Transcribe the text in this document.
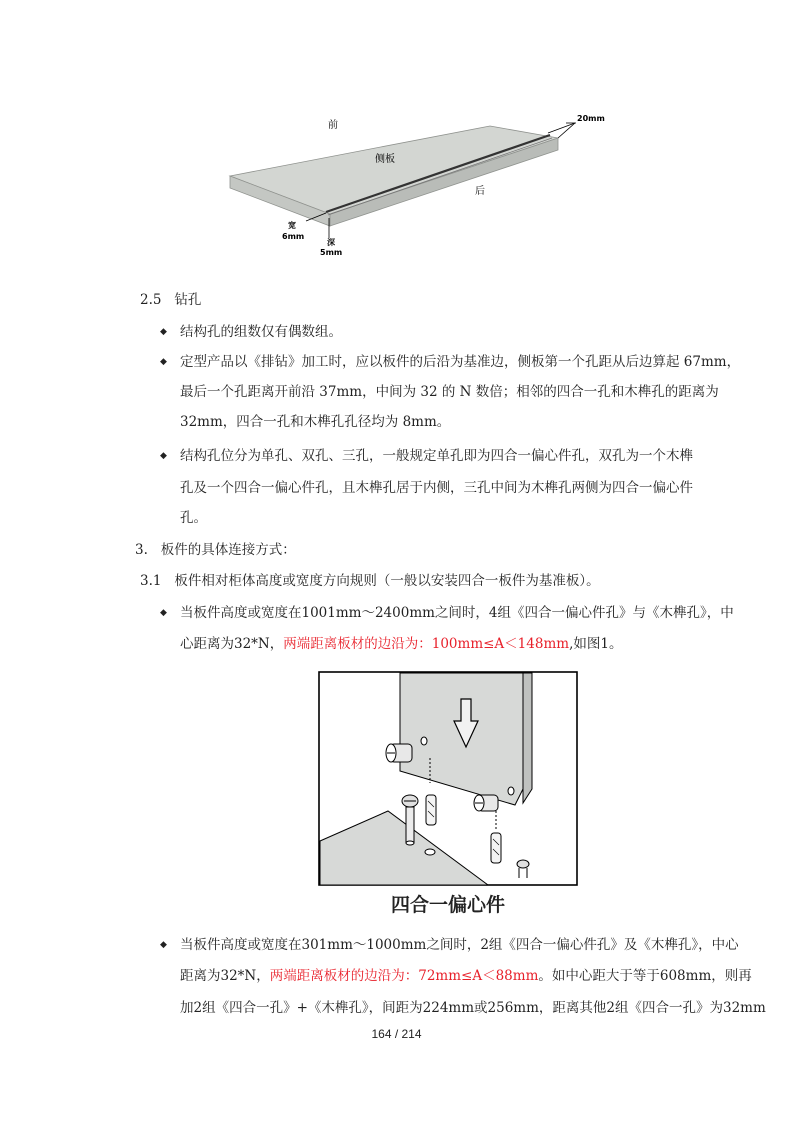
前
侧板
后
20mm
宽
6mm
深
5mm
2.5 钻孔
◆ 结构孔的组数仅有偶数组。
◆ 定型产品以《排钻》加工时，应以板件的后沿为基准边，侧板第一个孔距从后边算起 67mm，
最后一个孔距离开前沿 37mm，中间为 32 的 N 数倍；相邻的四合一孔和木榫孔的距离为
32mm，四合一孔和木榫孔孔径均为 8mm。
◆ 结构孔位分为单孔、双孔、三孔，一般规定单孔即为四合一偏心件孔，双孔为一个木榫
孔及一个四合一偏心件孔，且木榫孔居于内侧，三孔中间为木榫孔两侧为四合一偏心件
孔。
3. 板件的具体连接方式：
3.1 板件相对柜体高度或宽度方向规则（一般以安装四合一板件为基准板）。
◆ 当板件高度或宽度在1001mm～2400mm之间时，4组《四合一偏心件孔》与《木榫孔》，中
心距离为32*N，两端距离板材的边沿为：100mm≤A＜148mm,如图1。
四合一偏心件
◆ 当板件高度或宽度在301mm～1000mm之间时，2组《四合一偏心件孔》及《木榫孔》，中心
距离为32*N，两端距离板材的边沿为：72mm≤A＜88mm。如中心距大于等于608mm，则再
加2组《四合一孔》+《木榫孔》，间距为224mm或256mm，距离其他2组《四合一孔》为32mm
164 / 214
